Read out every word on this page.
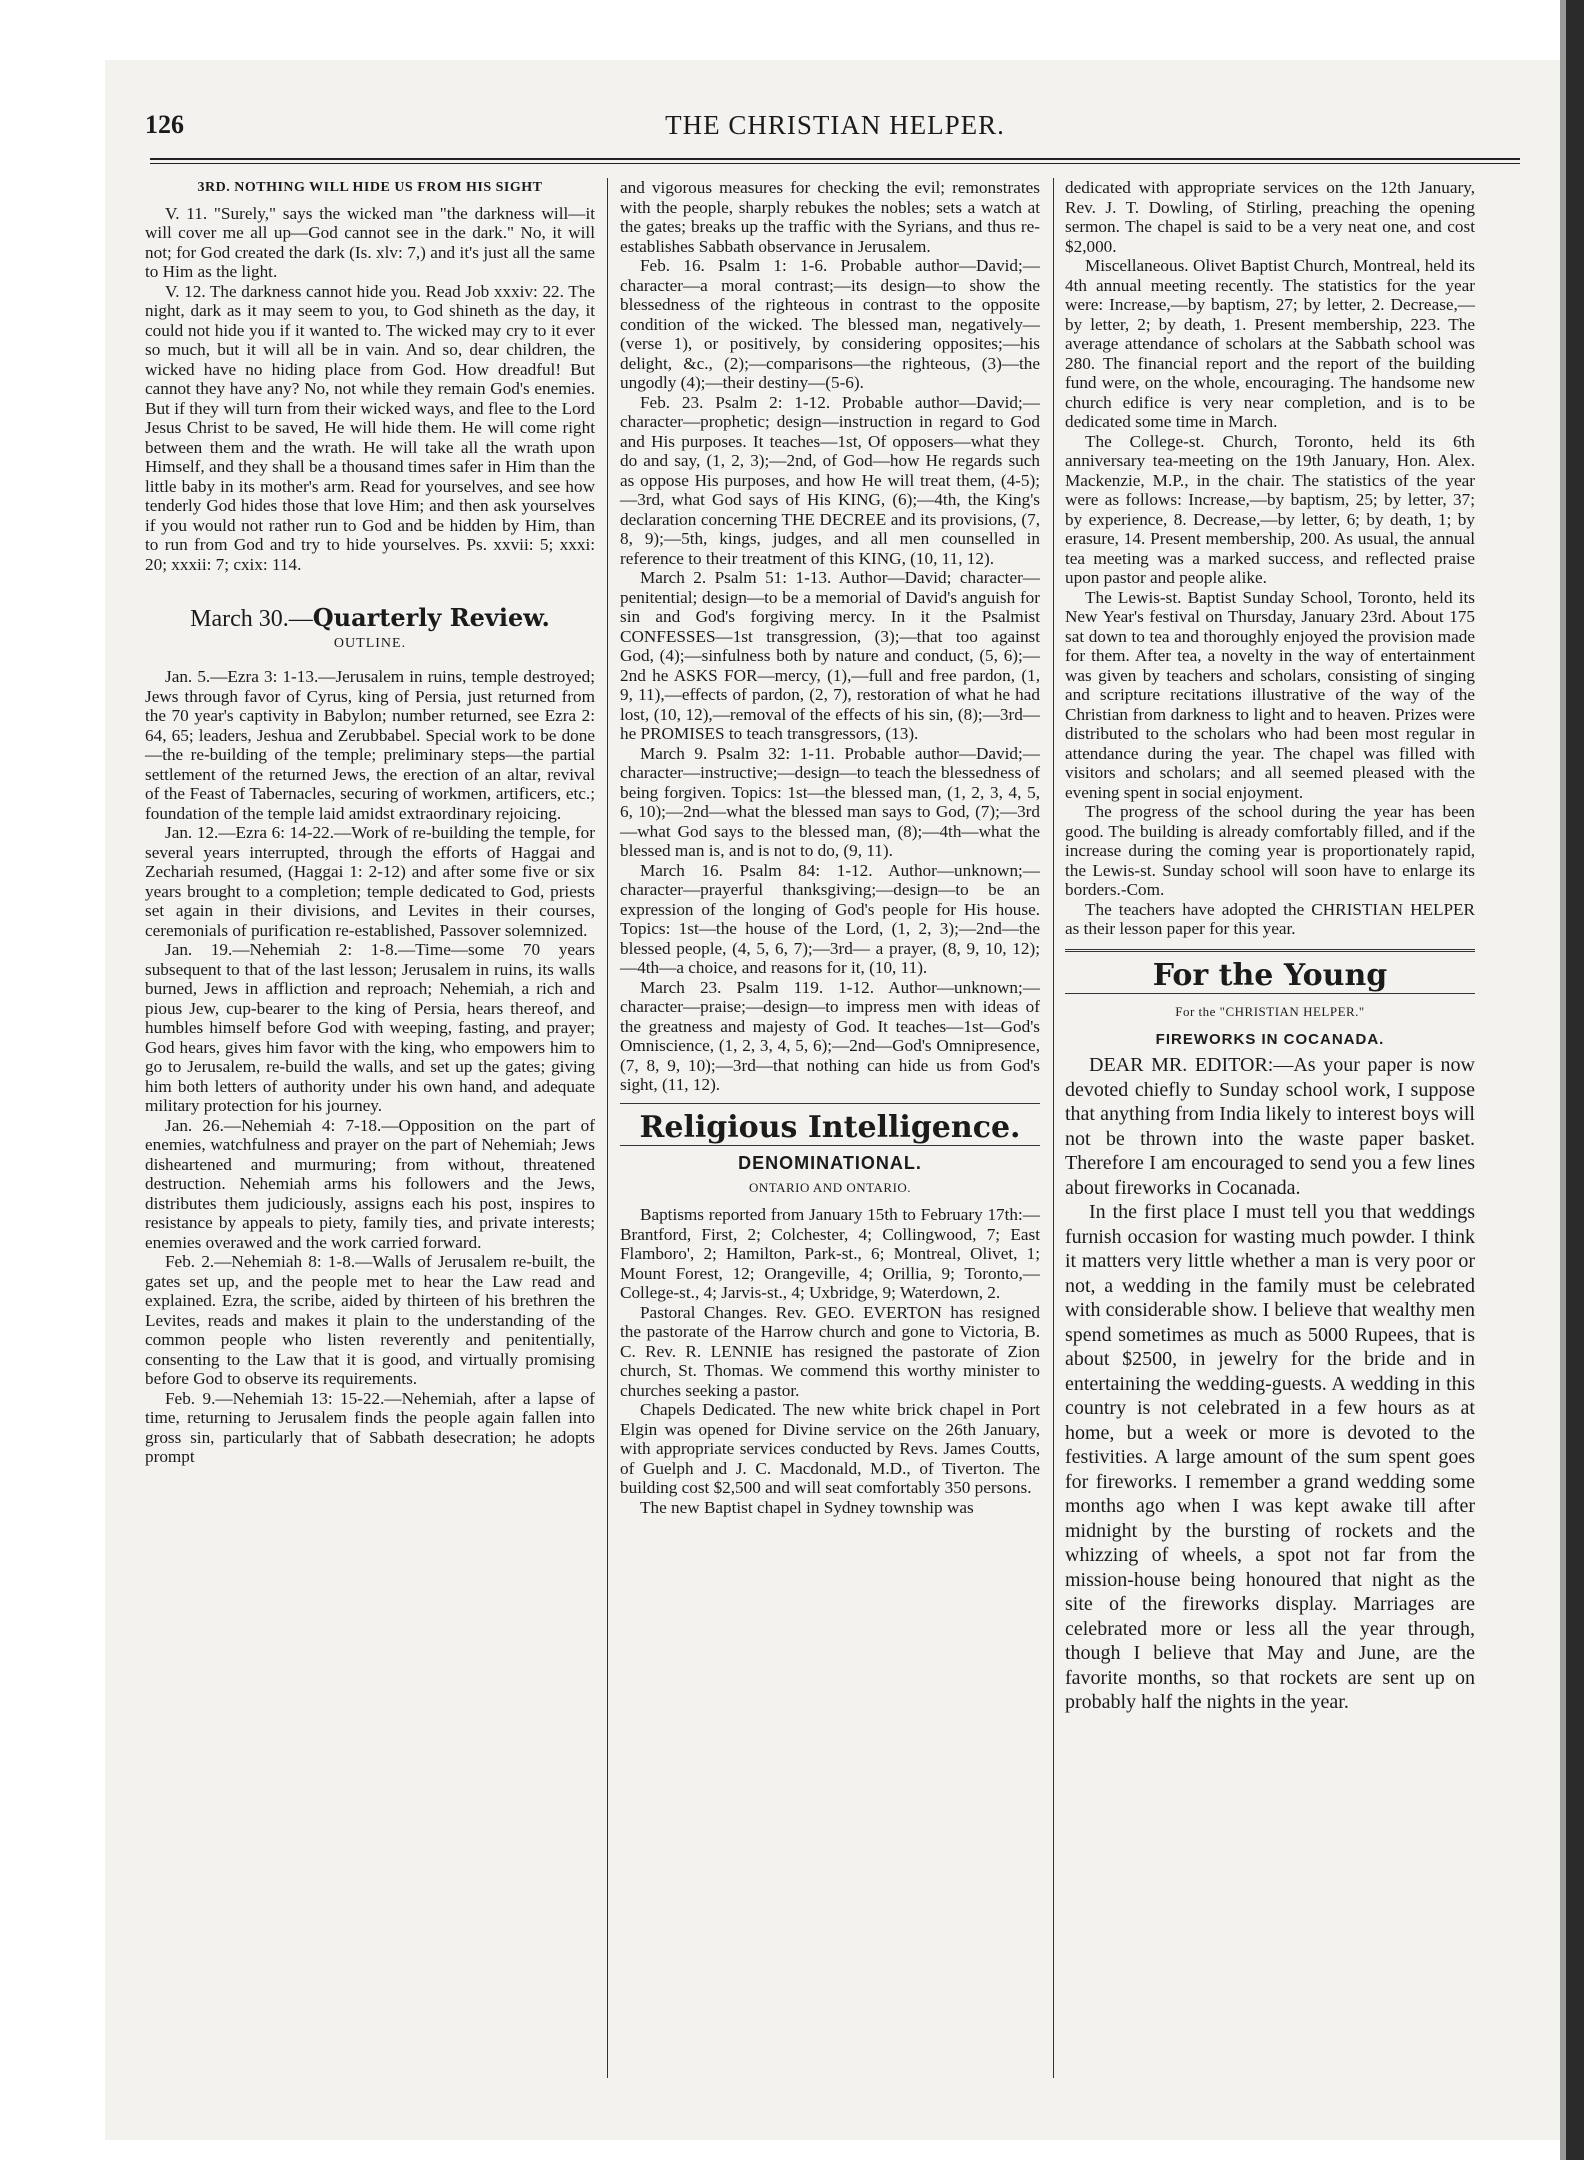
126	THE CHRISTIAN HELPER.

3RD. NOTHING WILL HIDE US FROM HIS SIGHT

V. 11. "Surely," says the wicked man "the darkness will—it will cover me all up—God cannot see in the dark." No, it will not; for God created the dark (Is. xlv: 7,) and it's just all the same to Him as the light.

V. 12. The darkness cannot hide you. Read Job xxxiv: 22. The night, dark as it may seem to you, to God shineth as the day, it could not hide you if it wanted to. The wicked may cry to it ever so much, but it will all be in vain. And so, dear children, the wicked have no hiding place from God. How dreadful! But cannot they have any? No, not while they remain God's enemies. But if they will turn from their wicked ways, and flee to the Lord Jesus Christ to be saved, He will hide them. He will come right between them and the wrath. He will take all the wrath upon Himself, and they shall be a thousand times safer in Him than the little baby in its mother's arm. Read for yourselves, and see how tenderly God hides those that love Him; and then ask yourselves if you would not rather run to God and be hidden by Him, than to run from God and try to hide yourselves. Ps. xxvii: 5; xxxi: 20; xxxii: 7; cxix: 114.

March 30.—Quarterly Review.
OUTLINE.

Jan. 5.—Ezra 3: 1-13.—Jerusalem in ruins, temple destroyed; Jews through favor of Cyrus, king of Persia, just returned from the 70 year's captivity in Babylon; number returned, see Ezra 2: 64, 65; leaders, Jeshua and Zerubbabel. Special work to be done—the re-building of the temple; preliminary steps—the partial settlement of the returned Jews, the erection of an altar, revival of the Feast of Tabernacles, securing of workmen, artificers, etc.; foundation of the temple laid amidst extraordinary rejoicing.

Jan. 12.—Ezra 6: 14-22.—Work of re-building the temple, for several years interrupted, through the efforts of Haggai and Zechariah resumed, (Haggai 1: 2-12) and after some five or six years brought to a completion; temple dedicated to God, priests set again in their divisions, and Levites in their courses, ceremonials of purification re-established, Passover solemnized.

Jan. 19.—Nehemiah 2: 1-8.—Time—some 70 years subsequent to that of the last lesson; Jerusalem in ruins, its walls burned, Jews in affliction and reproach; Nehemiah, a rich and pious Jew, cup-bearer to the king of Persia, hears thereof, and humbles himself before God with weeping, fasting, and prayer; God hears, gives him favor with the king, who empowers him to go to Jerusalem, re-build the walls, and set up the gates; giving him both letters of authority under his own hand, and adequate military protection for his journey.

Jan. 26.—Nehemiah 4: 7-18.—Opposition on the part of enemies, watchfulness and prayer on the part of Nehemiah; Jews disheartened and murmuring; from without, threatened destruction. Nehemiah arms his followers and the Jews, distributes them judiciously, assigns each his post, inspires to resistance by appeals to piety, family ties, and private interests; enemies overawed and the work carried forward.

Feb. 2.—Nehemiah 8: 1-8.—Walls of Jerusalem re-built, the gates set up, and the people met to hear the Law read and explained. Ezra, the scribe, aided by thirteen of his brethren the Levites, reads and makes it plain to the understanding of the common people who listen reverently and penitentially, consenting to the Law that it is good, and virtually promising before God to observe its requirements.

Feb. 9.—Nehemiah 13: 15-22.—Nehemiah, after a lapse of time, returning to Jerusalem finds the people again fallen into gross sin, particularly that of Sabbath desecration; he adopts prompt

and vigorous measures for checking the evil; remonstrates with the people, sharply rebukes the nobles; sets a watch at the gates; breaks up the traffic with the Syrians, and thus re-establishes Sabbath observance in Jerusalem.

Feb. 16. Psalm 1: 1-6. Probable author—David;—character—a moral contrast;—its design—to show the blessedness of the righteous in contrast to the opposite condition of the wicked. The blessed man, negatively—(verse 1), or positively, by considering opposites;—his delight, &c., (2);—comparisons—the righteous, (3)—the ungodly (4);—their destiny—(5-6).

Feb. 23. Psalm 2: 1-12. Probable author—David;—character—prophetic; design—instruction in regard to God and His purposes. It teaches—1st, Of opposers—what they do and say, (1, 2, 3);—2nd, of God—how He regards such as oppose His purposes, and how He will treat them, (4-5);—3rd, what God says of His KING, (6);—4th, the King's declaration concerning THE DECREE and its provisions, (7, 8, 9);—5th, kings, judges, and all men counselled in reference to their treatment of this KING, (10, 11, 12).

March 2. Psalm 51: 1-13. Author—David; character—penitential; design—to be a memorial of David's anguish for sin and God's forgiving mercy. In it the Psalmist CONFESSES—1st transgression, (3);—that too against God, (4);—sinfulness both by nature and conduct, (5, 6);—2nd he ASKS FOR—mercy, (1),—full and free pardon, (1, 9, 11),—effects of pardon, (2, 7), restoration of what he had lost, (10, 12),—removal of the effects of his sin, (8);—3rd—he PROMISES to teach transgressors, (13).

March 9. Psalm 32: 1-11. Probable author—David;—character—instructive;—design—to teach the blessedness of being forgiven. Topics: 1st—the blessed man, (1, 2, 3, 4, 5, 6, 10);—2nd—what the blessed man says to God, (7);—3rd—what God says to the blessed man, (8);—4th—what the blessed man is, and is not to do, (9, 11).

March 16. Psalm 84: 1-12. Author—unknown;—character—prayerful thanksgiving;—design—to be an expression of the longing of God's people for His house. Topics: 1st—the house of the Lord, (1, 2, 3);—2nd—the blessed people, (4, 5, 6, 7);—3rd— a prayer, (8, 9, 10, 12);—4th—a choice, and reasons for it, (10, 11).

March 23. Psalm 119. 1-12. Author—unknown;—character—praise;—design—to impress men with ideas of the greatness and majesty of God. It teaches—1st—God's Omniscience, (1, 2, 3, 4, 5, 6);—2nd—God's Omnipresence, (7, 8, 9, 10);—3rd—that nothing can hide us from God's sight, (11, 12).

Religious Intelligence.
DENOMINATIONAL.
ONTARIO AND ONTARIO.

Baptisms reported from January 15th to February 17th:—Brantford, First, 2; Colchester, 4; Collingwood, 7; East Flamboro', 2; Hamilton, Park-st., 6; Montreal, Olivet, 1; Mount Forest, 12; Orangeville, 4; Orillia, 9; Toronto,—College-st., 4; Jarvis-st., 4; Uxbridge, 9; Waterdown, 2.

Pastoral Changes. Rev. GEO. EVERTON has resigned the pastorate of the Harrow church and gone to Victoria, B. C. Rev. R. LENNIE has resigned the pastorate of Zion church, St. Thomas. We commend this worthy minister to churches seeking a pastor.

Chapels Dedicated. The new white brick chapel in Port Elgin was opened for Divine service on the 26th January, with appropriate services conducted by Revs. James Coutts, of Guelph and J. C. Macdonald, M.D., of Tiverton. The building cost $2,500 and will seat comfortably 350 persons.

The new Baptist chapel in Sydney township was

dedicated with appropriate services on the 12th January, Rev. J. T. Dowling, of Stirling, preaching the opening sermon. The chapel is said to be a very neat one, and cost $2,000.

Miscellaneous. Olivet Baptist Church, Montreal, held its 4th annual meeting recently. The statistics for the year were: Increase,—by baptism, 27; by letter, 2. Decrease,—by letter, 2; by death, 1. Present membership, 223. The average attendance of scholars at the Sabbath school was 280. The financial report and the report of the building fund were, on the whole, encouraging. The handsome new church edifice is very near completion, and is to be dedicated some time in March.

The College-st. Church, Toronto, held its 6th anniversary tea-meeting on the 19th January, Hon. Alex. Mackenzie, M.P., in the chair. The statistics of the year were as follows: Increase,—by baptism, 25; by letter, 37; by experience, 8. Decrease,—by letter, 6; by death, 1; by erasure, 14. Present membership, 200. As usual, the annual tea meeting was a marked success, and reflected praise upon pastor and people alike.

The Lewis-st. Baptist Sunday School, Toronto, held its New Year's festival on Thursday, January 23rd. About 175 sat down to tea and thoroughly enjoyed the provision made for them. After tea, a novelty in the way of entertainment was given by teachers and scholars, consisting of singing and scripture recitations illustrative of the way of the Christian from darkness to light and to heaven. Prizes were distributed to the scholars who had been most regular in attendance during the year. The chapel was filled with visitors and scholars; and all seemed pleased with the evening spent in social enjoyment.

The progress of the school during the year has been good. The building is already comfortably filled, and if the increase during the coming year is proportionately rapid, the Lewis-st. Sunday school will soon have to enlarge its borders.-Com.

The teachers have adopted the CHRISTIAN HELPER as their lesson paper for this year.

For the Young
For the "CHRISTIAN HELPER."
FIREWORKS IN COCANADA.

DEAR MR. EDITOR:—As your paper is now devoted chiefly to Sunday school work, I suppose that anything from India likely to interest boys will not be thrown into the waste paper basket. Therefore I am encouraged to send you a few lines about fireworks in Cocanada.

In the first place I must tell you that weddings furnish occasion for wasting much powder. I think it matters very little whether a man is very poor or not, a wedding in the family must be celebrated with considerable show. I believe that wealthy men spend sometimes as much as 5000 Rupees, that is about $2500, in jewelry for the bride and in entertaining the wedding-guests. A wedding in this country is not celebrated in a few hours as at home, but a week or more is devoted to the festivities. A large amount of the sum spent goes for fireworks. I remember a grand wedding some months ago when I was kept awake till after midnight by the bursting of rockets and the whizzing of wheels, a spot not far from the mission-house being honoured that night as the site of the fireworks display. Marriages are celebrated more or less all the year through, though I believe that May and June, are the favorite months, so that rockets are sent up on probably half the nights in the year.
